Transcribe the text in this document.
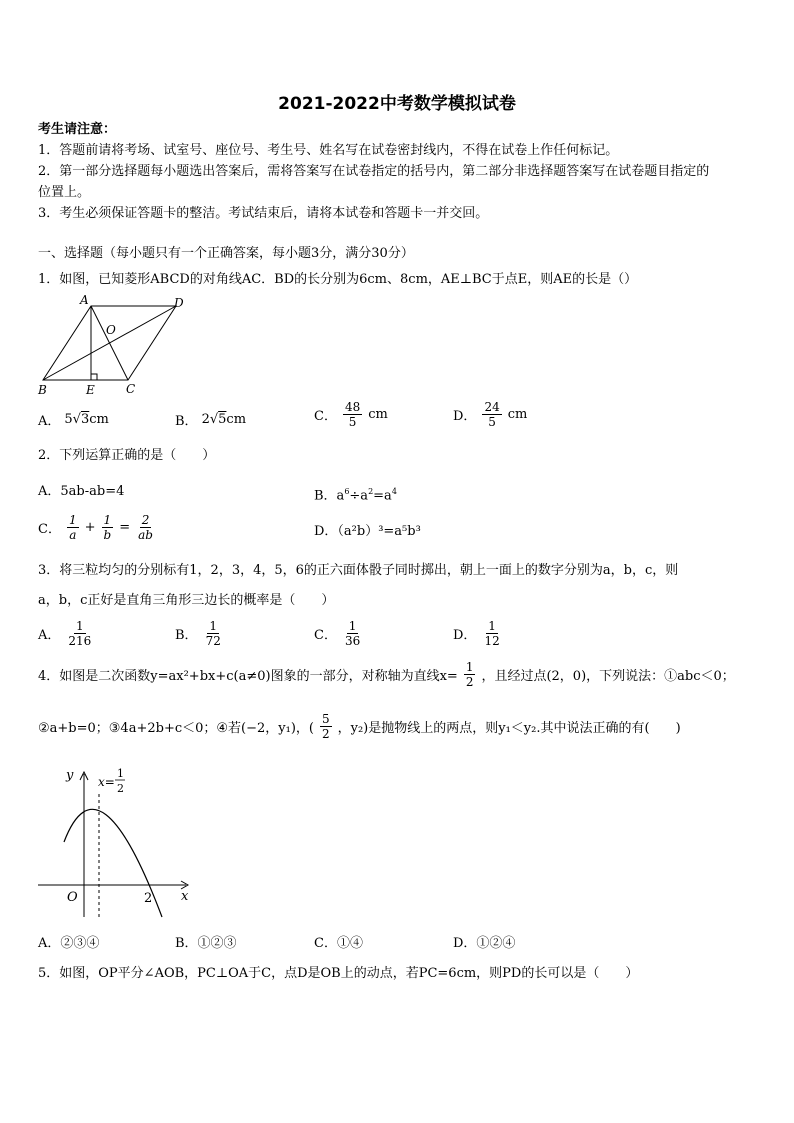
2021-2022中考数学模拟试卷
考生请注意：
1．答题前请将考场、试室号、座位号、考生号、姓名写在试卷密封线内，不得在试卷上作任何标记。
2．第一部分选择题每小题选出答案后，需将答案写在试卷指定的括号内，第二部分非选择题答案写在试卷题目指定的
位置上。
3．考生必须保证答题卡的整洁。考试结束后，请将本试卷和答题卡一并交回。
一、选择题（每小题只有一个正确答案，每小题3分，满分30分）
1．如图，已知菱形ABCD的对角线AC．BD的长分别为6cm、8cm，AE⊥BC于点E，则AE的长是（）
A	D
O
B	E	C
A． 5√3cm	B． 2√5cm	C． $\frac{48}{5}$ cm	D． $\frac{24}{5}$ cm
2．下列运算正确的是（　　）
A．5ab-ab=4	B．$a^6\div a^2=a^4$
C． $\frac{1}{a} + \frac{1}{b} = \frac{2}{ab}$	D．（a²b）³=a⁵b³
3．将三粒均匀的分别标有1，2，3，4，5，6的正六面体骰子同时掷出，朝上一面上的数字分别为a，b，c，则
a，b，c正好是直角三角形三边长的概率是（　　）
A． $\frac{1}{216}$	B． $\frac{1}{72}$	C． $\frac{1}{36}$	D． $\frac{1}{12}$
4．如图是二次函数y=ax²+bx+c(a≠0)图象的一部分，对称轴为直线$x= \frac{1}{2}$ ，且经过点(2，0)，下列说法：①abc＜0；
②a+b=0；③4a+2b+c＜0；④若(−2，y₁)，( $\frac{5}{2}$ ，y₂)是抛物线上的两点，则y₁＜y₂.其中说法正确的有(　　)
y
x
O	2
x=
1
2
A．②③④	B．①②③	C．①④	D．①②④
5．如图，OP平分∠AOB，PC⊥OA于C，点D是OB上的动点，若PC=6cm，则PD的长可以是（　　）
